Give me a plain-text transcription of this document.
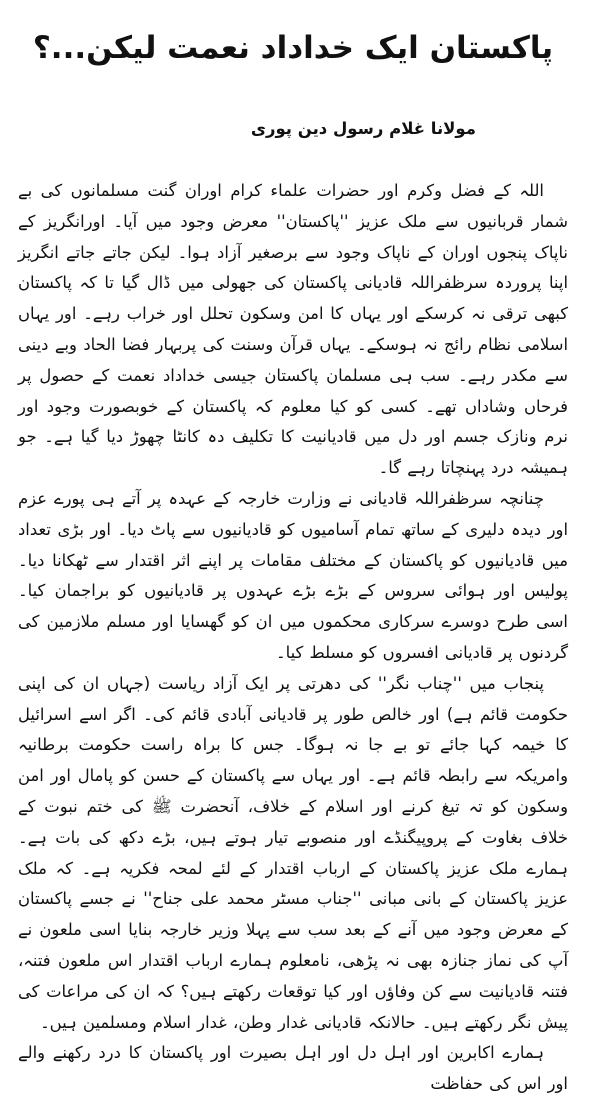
پاکستان ایک خداداد نعمت لیکن...؟
مولانا غلام رسول دین پوری

اللہ کے فضل وکرم اور حضرات علماء کرام اوران گنت مسلمانوں کی بے شمار قربانیوں سے ملک عزیز ''پاکستان'' معرض وجود میں آیا۔ اورانگریز کے ناپاک پنجوں اوران کے ناپاک وجود سے برصغیر آزاد ہوا۔ لیکن جاتے جاتے انگریز اپنا پروردہ سرظفراللہ قادیانی پاکستان کی جھولی میں ڈال گیا تا کہ پاکستان کبھی ترقی نہ کرسکے اور یہاں کا امن وسکون تحلل اور خراب رہے۔ اور یہاں اسلامی نظام رائج نہ ہوسکے۔ یہاں قرآن وسنت کی پربہار فضا الحاد وبے دینی سے مکدر رہے۔ سب ہی مسلمان پاکستان جیسی خداداد نعمت کے حصول پر فرحاں وشاداں تھے۔ کسی کو کیا معلوم کہ پاکستان کے خوبصورت وجود اور نرم ونازک جسم اور دل میں قادیانیت کا تکلیف دہ کانٹا چھوڑ دیا گیا ہے۔ جو ہمیشہ درد پہنچاتا رہے گا۔

چنانچہ سرظفراللہ قادیانی نے وزارت خارجہ کے عہدہ پر آتے ہی پورے عزم اور دیدہ دلیری کے ساتھ تمام آسامیوں کو قادیانیوں سے پاٹ دیا۔ اور بڑی تعداد میں قادیانیوں کو پاکستان کے مختلف مقامات پر اپنے اثر اقتدار سے ٹھکانا دیا۔ پولیس اور ہوائی سروس کے بڑے بڑے عہدوں پر قادیانیوں کو براجمان کیا۔ اسی طرح دوسرے سرکاری محکموں میں ان کو گھسایا اور مسلم ملازمین کی گردنوں پر قادیانی افسروں کو مسلط کیا۔

پنجاب میں ''چناب نگر'' کی دھرتی پر ایک آزاد ریاست (جہاں ان کی اپنی حکومت قائم ہے) اور خالص طور پر قادیانی آبادی قائم کی۔ اگر اسے اسرائیل کا خیمہ کہا جائے تو بے جا نہ ہوگا۔ جس کا براہ راست حکومت برطانیہ وامریکہ سے رابطہ قائم ہے۔ اور یہاں سے پاکستان کے حسن کو پامال اور امن وسکون کو تہ تیغ کرنے اور اسلام کے خلاف، آنحضرت ﷺ کی ختم نبوت کے خلاف بغاوت کے پروپیگنڈے اور منصوبے تیار ہوتے ہیں، بڑے دکھ کی بات ہے۔ ہمارے ملک عزیز پاکستان کے ارباب اقتدار کے لئے لمحہ فکریہ ہے۔ کہ ملک عزیز پاکستان کے بانی مبانی ''جناب مسٹر محمد علی جناح'' نے جسے پاکستان کے معرض وجود میں آنے کے بعد سب سے پہلا وزیر خارجہ بنایا اسی ملعون نے آپ کی نماز جنازہ بھی نہ پڑھی، نامعلوم ہمارے ارباب اقتدار اس ملعون فتنہ، فتنہ قادیانیت سے کن وفاؤں اور کیا توقعات رکھتے ہیں؟ کہ ان کی مراعات کی پیش نگر رکھتے ہیں۔ حالانکہ قادیانی غدار وطن، غدار اسلام ومسلمین ہیں۔

ہمارے اکابرین اور اہل دل اور اہل بصیرت اور پاکستان کا درد رکھنے والے اور اس کی حفاظت
